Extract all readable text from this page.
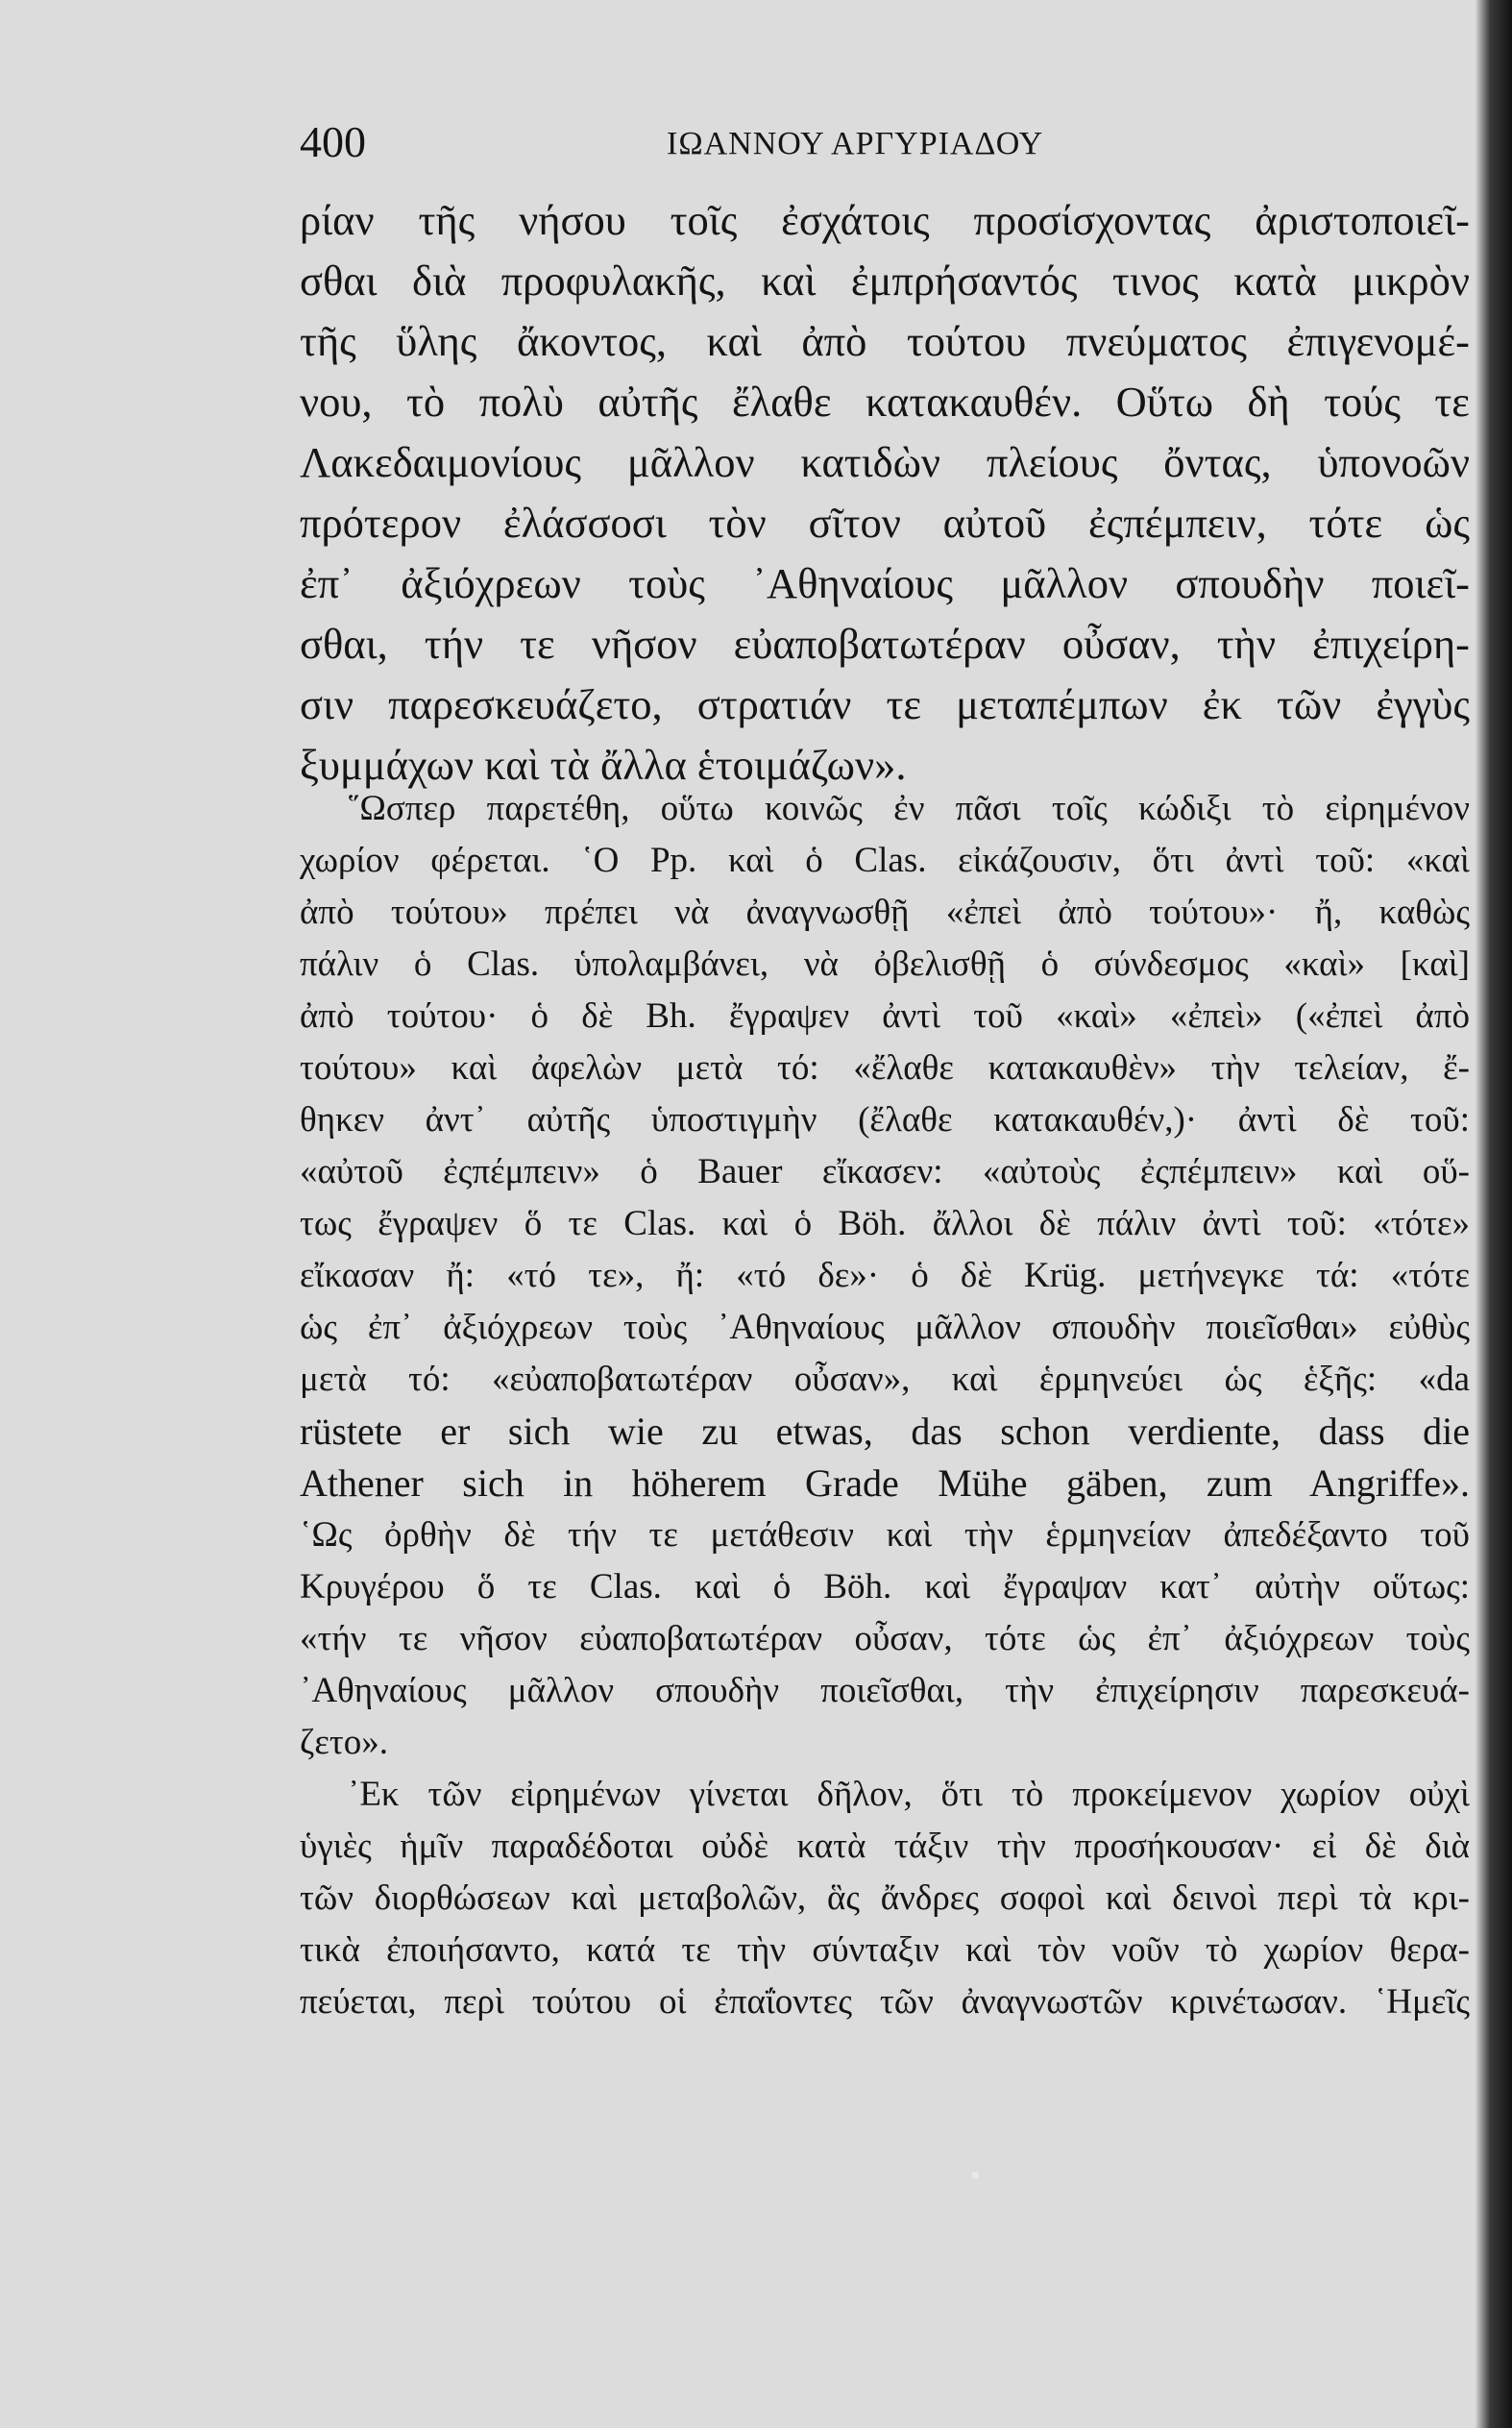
400	ΙΩΑΝΝΟΥ ΑΡΓΥΡΙΑΔΟΥ
ρίαν τῆς νήσου τοῖς ἐσχάτοις προσίσχοντας ἀριστοποιεῖ-
σθαι διὰ προφυλακῆς, καὶ ἐμπρήσαντός τινος κατὰ μικρὸν
τῆς ὕλης ἄκοντος, καὶ ἀπὸ τούτου πνεύματος ἐπιγενομέ-
νου, τὸ πολὺ αὐτῆς ἔλαθε κατακαυθέν. Οὕτω δὴ τούς τε
Λακεδαιμονίους μᾶλλον κατιδὼν πλείους ὄντας, ὑπονοῶν
πρότερον ἐλάσσοσι τὸν σῖτον αὐτοῦ ἐςπέμπειν, τότε ὡς
ἐπ᾽ ἀξιόχρεων τοὺς ᾿Αθηναίους μᾶλλον σπουδὴν ποιεῖ-
σθαι, τήν τε νῆσον εὐαποβατωτέραν οὖσαν, τὴν ἐπιχείρη-
σιν παρεσκευάζετο, στρατιάν τε μεταπέμπων ἐκ τῶν ἐγγὺς
ξυμμάχων καὶ τὰ ἄλλα ἑτοιμάζων».
῞Ωσπερ παρετέθη, οὕτω κοινῶς ἐν πᾶσι τοῖς κώδιξι τὸ εἰρημένον
χωρίον φέρεται. ῾Ο Pp. καὶ ὁ Clas. εἰκάζουσιν, ὅτι ἀντὶ τοῦ: «καὶ
ἀπὸ τούτου» πρέπει νὰ ἀναγνωσθῇ «ἐπεὶ ἀπὸ τούτου»· ἤ, καθὼς
πάλιν ὁ Clas. ὑπολαμβάνει, νὰ ὀβελισθῇ ὁ σύνδεσμος «καὶ» [καὶ]
ἀπὸ τούτου· ὁ δὲ Bh. ἔγραψεν ἀντὶ τοῦ «καὶ» «ἐπεὶ» («ἐπεὶ ἀπὸ
τούτου» καὶ ἀφελὼν μετὰ τό: «ἔλαθε κατακαυθὲν» τὴν τελείαν, ἔ-
θηκεν ἀντ᾽ αὐτῆς ὑποστιγμὴν (ἔλαθε κατακαυθέν,)· ἀντὶ δὲ τοῦ:
«αὐτοῦ ἐςπέμπειν» ὁ Bauer εἴκασεν: «αὐτοὺς ἐςπέμπειν» καὶ οὕ-
τως ἔγραψεν ὅ τε Clas. καὶ ὁ Böh. ἄλλοι δὲ πάλιν ἀντὶ τοῦ: «τότε»
εἴκασαν ἤ: «τό τε», ἤ: «τό δε»· ὁ δὲ Krüg. μετήνεγκε τά: «τότε
ὡς ἐπ᾽ ἀξιόχρεων τοὺς ᾿Αθηναίους μᾶλλον σπουδὴν ποιεῖσθαι» εὐθὺς
μετὰ τό: «εὐαποβατωτέραν οὖσαν», καὶ ἑρμηνεύει ὡς ἑξῆς: «da
rüstete er sich wie zu etwas, das schon verdiente, dass die
Athener sich in höherem Grade Mühe gäben, zum Angriffe».
῾Ως ὀρθὴν δὲ τήν τε μετάθεσιν καὶ τὴν ἑρμηνείαν ἀπεδέξαντο τοῦ
Κρυγέρου ὅ τε Clas. καὶ ὁ Böh. καὶ ἔγραψαν κατ᾽ αὐτὴν οὕτως:
«τήν τε νῆσον εὐαποβατωτέραν οὖσαν, τότε ὡς ἐπ᾽ ἀξιόχρεων τοὺς
᾿Αθηναίους μᾶλλον σπουδὴν ποιεῖσθαι, τὴν ἐπιχείρησιν παρεσκευά-
ζετο».
᾿Εκ τῶν εἰρημένων γίνεται δῆλον, ὅτι τὸ προκείμενον χωρίον οὐχὶ
ὑγιὲς ἡμῖν παραδέδοται οὐδὲ κατὰ τάξιν τὴν προσήκουσαν· εἰ δὲ διὰ
τῶν διορθώσεων καὶ μεταβολῶν, ἃς ἄνδρες σοφοὶ καὶ δεινοὶ περὶ τὰ κρι-
τικὰ ἐποιήσαντο, κατά τε τὴν σύνταξιν καὶ τὸν νοῦν τὸ χωρίον θερα-
πεύεται, περὶ τούτου οἱ ἐπαΐοντες τῶν ἀναγνωστῶν κρινέτωσαν. ῾Ημεῖς
•
